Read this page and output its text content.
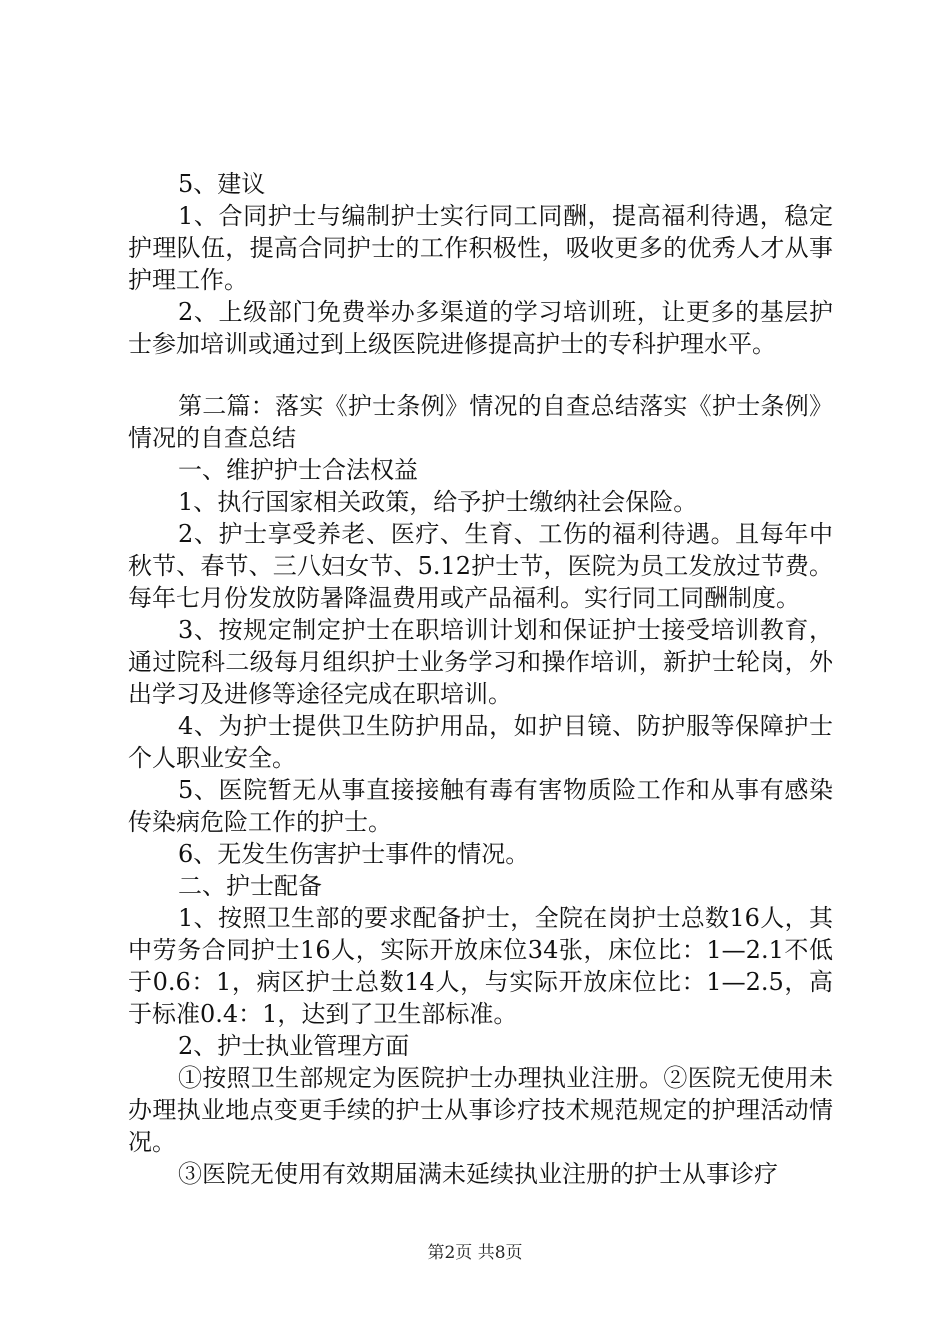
5、建议

1、合同护士与编制护士实行同工同酬，提高福利待遇，稳定护理队伍，提高合同护士的工作积极性，吸收更多的优秀人才从事护理工作。

2、上级部门免费举办多渠道的学习培训班，让更多的基层护士参加培训或通过到上级医院进修提高护士的专科护理水平。

第二篇：落实《护士条例》情况的自查总结落实《护士条例》情况的自查总结

一、维护护士合法权益

1、执行国家相关政策，给予护士缴纳社会保险。

2、护士享受养老、医疗、生育、工伤的福利待遇。且每年中秋节、春节、三八妇女节、5.12护士节，医院为员工发放过节费。每年七月份发放防暑降温费用或产品福利。实行同工同酬制度。

3、按规定制定护士在职培训计划和保证护士接受培训教育，通过院科二级每月组织护士业务学习和操作培训，新护士轮岗，外出学习及进修等途径完成在职培训。

4、为护士提供卫生防护用品，如护目镜、防护服等保障护士个人职业安全。

5、医院暂无从事直接接触有毒有害物质险工作和从事有感染传染病危险工作的护士。

6、无发生伤害护士事件的情况。

二、护士配备

1、按照卫生部的要求配备护士，全院在岗护士总数16人，其中劳务合同护士16人，实际开放床位34张，床位比：1—2.1不低于0.6：1，病区护士总数14人，与实际开放床位比：1—2.5，高于标准0.4：1，达到了卫生部标准。

2、护士执业管理方面

①按照卫生部规定为医院护士办理执业注册。②医院无使用未办理执业地点变更手续的护士从事诊疗技术规范规定的护理活动情况。

③医院无使用有效期届满未延续执业注册的护士从事诊疗

第2页 共8页
